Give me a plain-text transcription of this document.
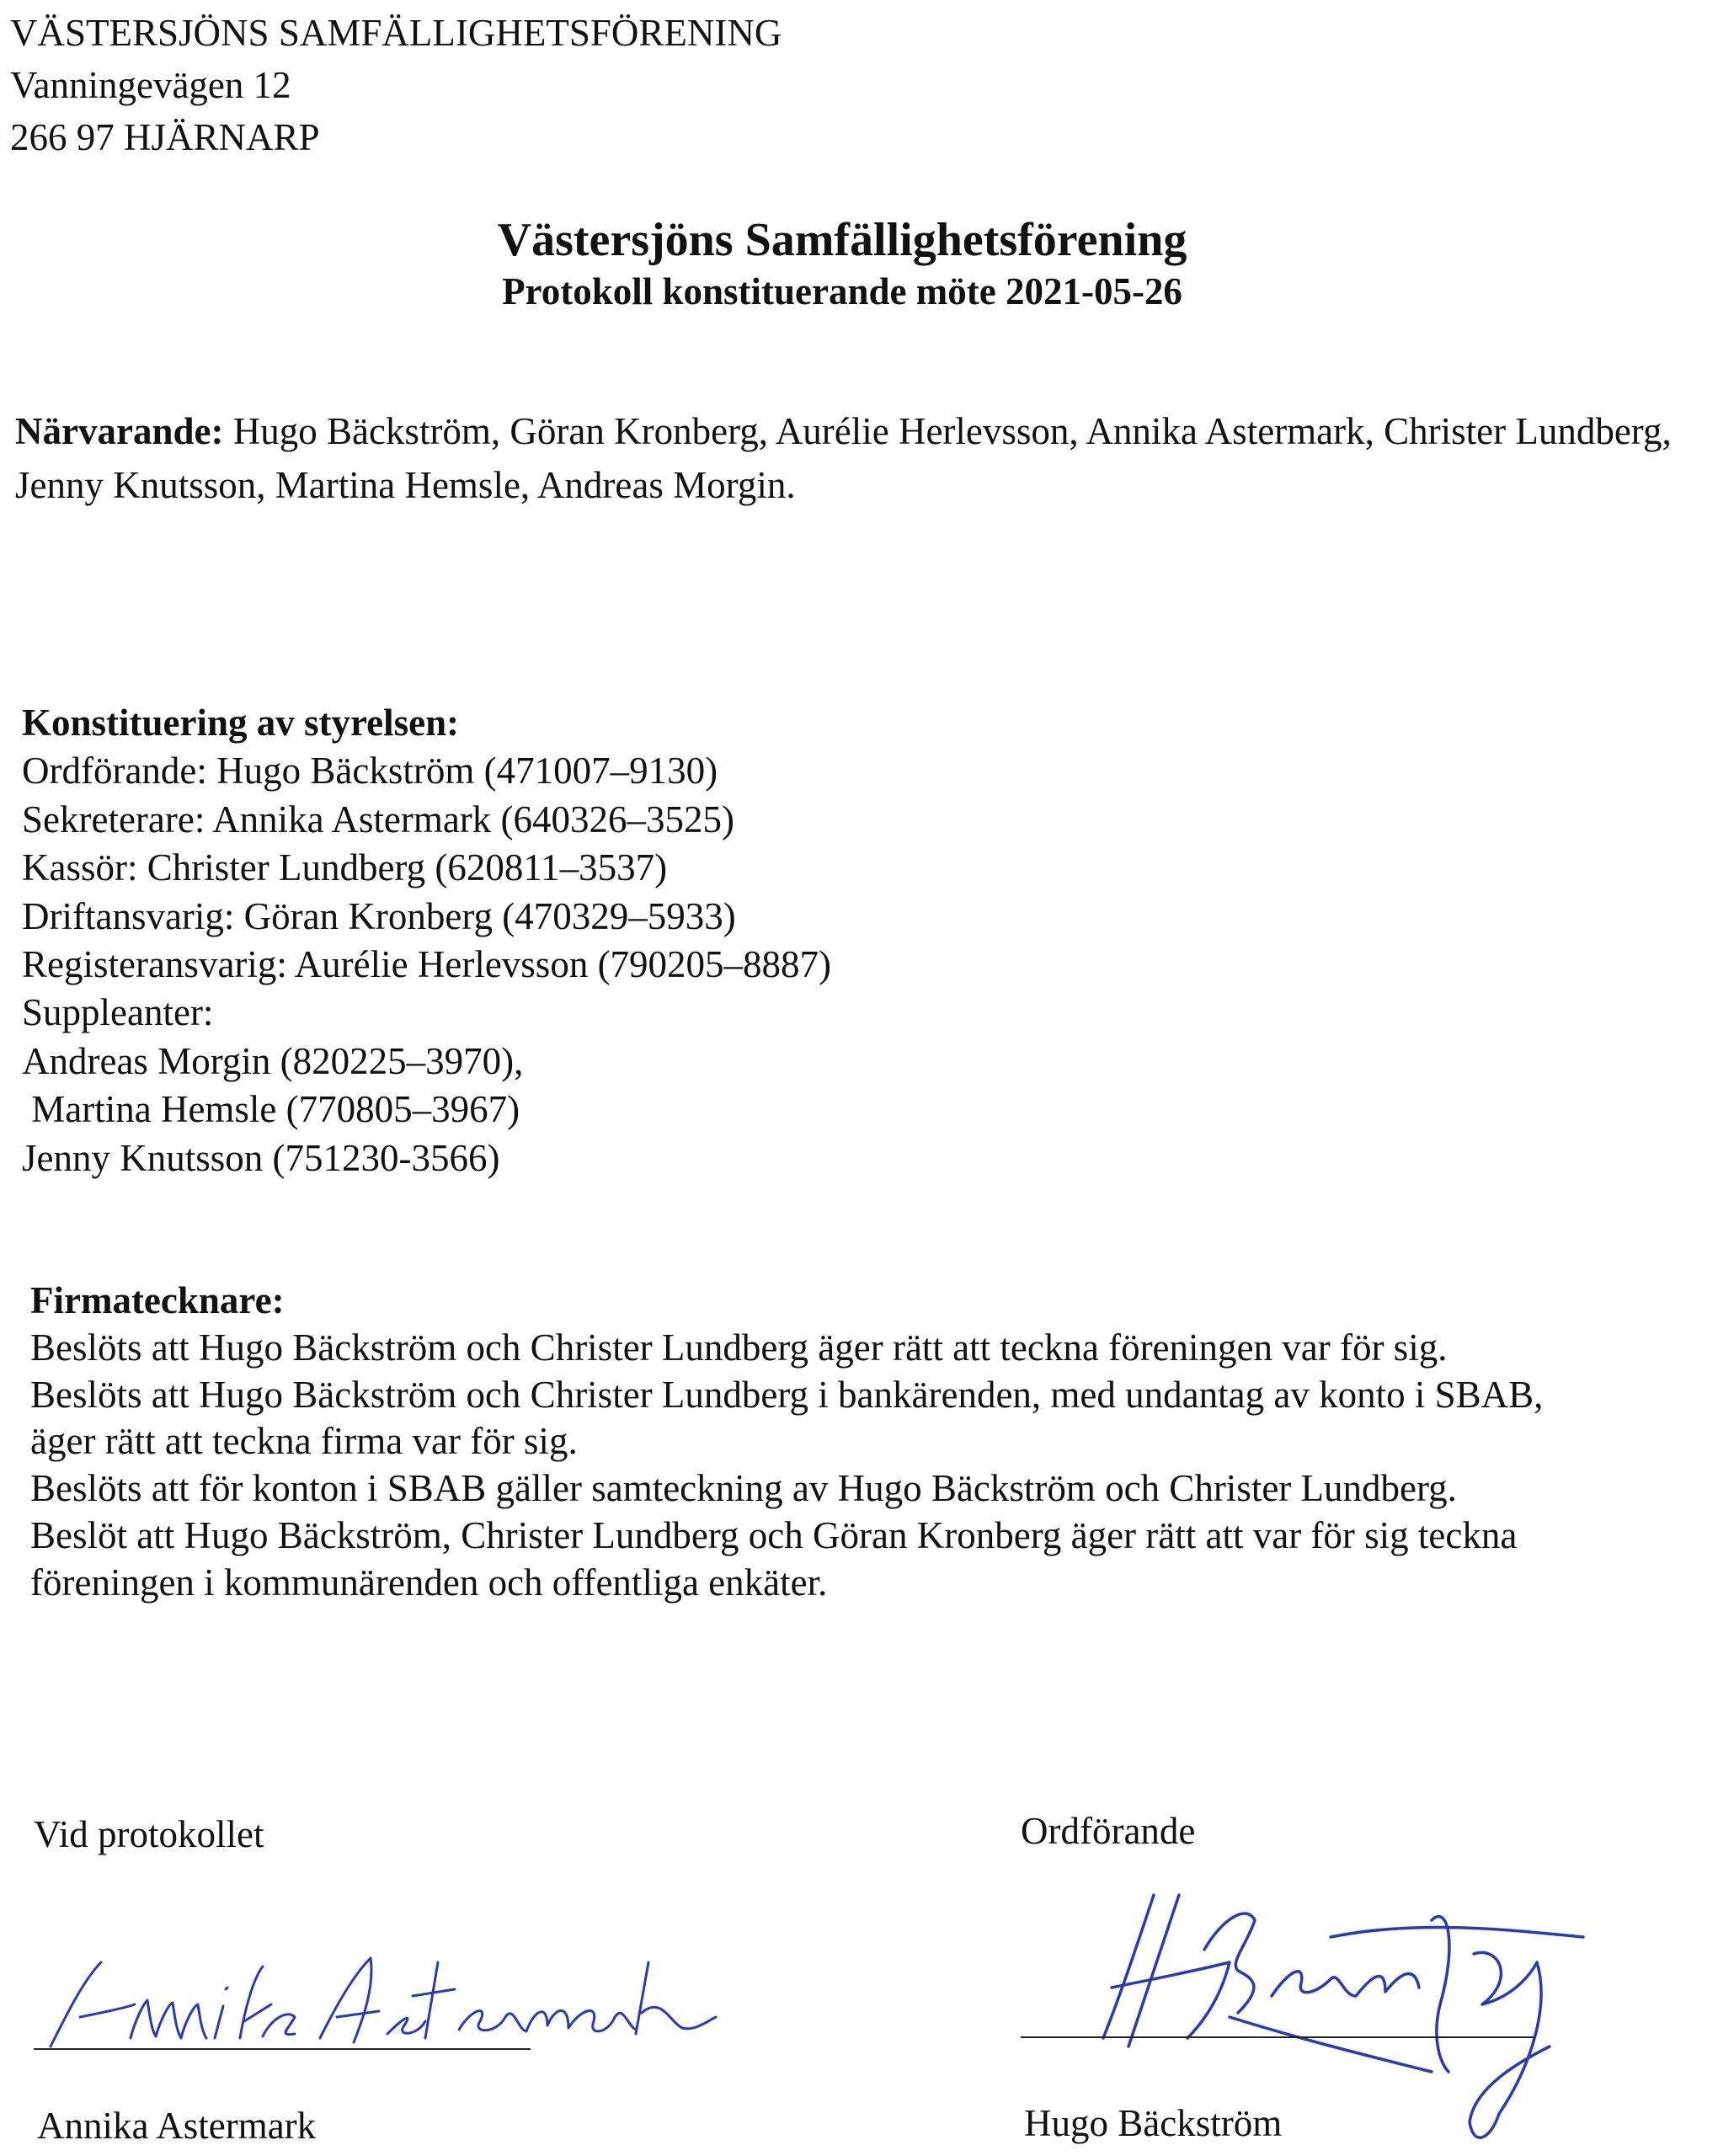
VÄSTERSJÖNS SAMFÄLLIGHETSFÖRENING
Vanningevägen 12
266 97 HJÄRNARP
Västersjöns Samfällighetsförening
Protokoll konstituerande möte 2021-05-26
Närvarande: Hugo Bäckström, Göran Kronberg, Aurélie Herlevsson, Annika Astermark, Christer Lundberg, Jenny Knutsson, Martina Hemsle, Andreas Morgin.
Konstituering av styrelsen:
Ordförande: Hugo Bäckström (471007–9130)
Sekreterare: Annika Astermark (640326–3525)
Kassör: Christer Lundberg (620811–3537)
Driftansvarig: Göran Kronberg (470329–5933)
Registeransvarig: Aurélie Herlevsson (790205–8887)
Suppleanter:
Andreas Morgin (820225–3970),
Martina Hemsle (770805–3967)
Jenny Knutsson (751230-3566)
Firmatecknare:
Beslöts att Hugo Bäckström och Christer Lundberg äger rätt att teckna föreningen var för sig.
Beslöts att Hugo Bäckström och Christer Lundberg i bankärenden, med undantag av konto i SBAB,
äger rätt att teckna firma var för sig.
Beslöts att för konton i SBAB gäller samteckning av Hugo Bäckström och Christer Lundberg.
Beslöt att Hugo Bäckström, Christer Lundberg och Göran Kronberg äger rätt att var för sig teckna
föreningen i kommunärenden och offentliga enkäter.
Vid protokollet
Annika Astermark
Ordförande
Hugo Bäckström
